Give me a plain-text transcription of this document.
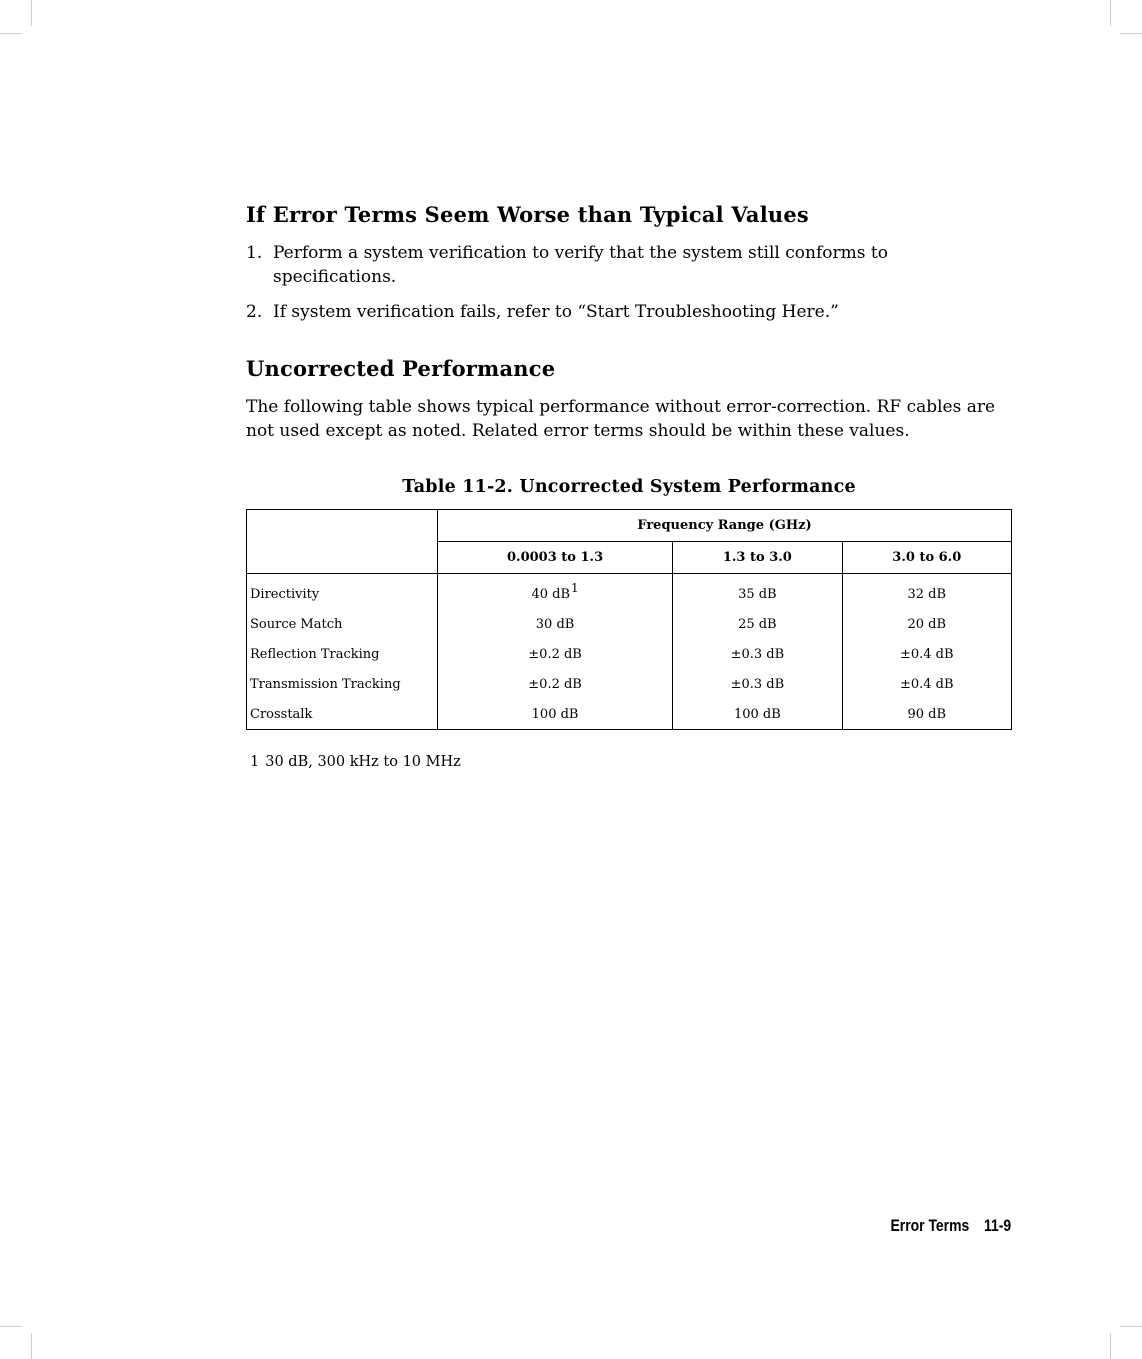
If Error Terms Seem Worse than Typical Values
1. Perform a system verification to verify that the system still conforms to specifications.
2. If system verification fails, refer to “Start Troubleshooting Here.”
Uncorrected Performance

The following table shows typical performance without error-correction. RF cables are not used except as noted. Related error terms should be within these values.

Table 11-2. Uncorrected System Performance
	Frequency Range (GHz)		
	0.0003 to 1.3	1.3 to 3.0	3.0 to 6.0
Directivity	40 dB$^1$	35 dB	32 dB
Source Match	30 dB	25 dB	20 dB
Reflection Tracking	±0.2 dB	±0.3 dB	±0.4 dB
Transmission Tracking	±0.2 dB	±0.3 dB	±0.4 dB
Crosstalk	100 dB	100 dB	90 dB
1 30 dB, 300 kHz to 10 MHz
Error Terms 11-9
